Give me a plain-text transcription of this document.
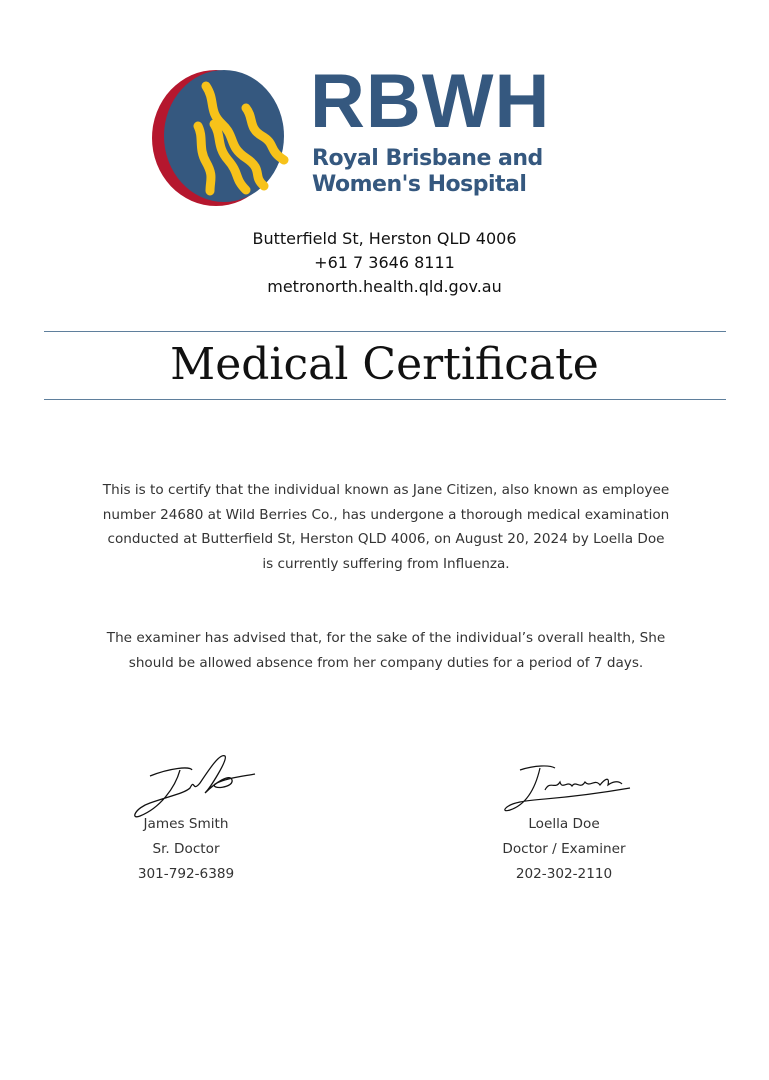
RBWH
Royal Brisbane and
Women's Hospital
Butterfield St, Herston QLD 4006
+61 7 3646 8111
metronorth.health.qld.gov.au
Medical Certificate
This is to certify that the individual known as Jane Citizen, also known as employee number 24680 at Wild Berries Co., has undergone a thorough medical examination conducted at Butterfield St, Herston QLD 4006, on August 20, 2024 by Loella Doe is currently suffering from Influenza.
The examiner has advised that, for the sake of the individual’s overall health, She should be allowed absence from her company duties for a period of 7 days.
James Smith
Sr. Doctor
301-792-6389
Loella Doe
Doctor / Examiner
202-302-2110
